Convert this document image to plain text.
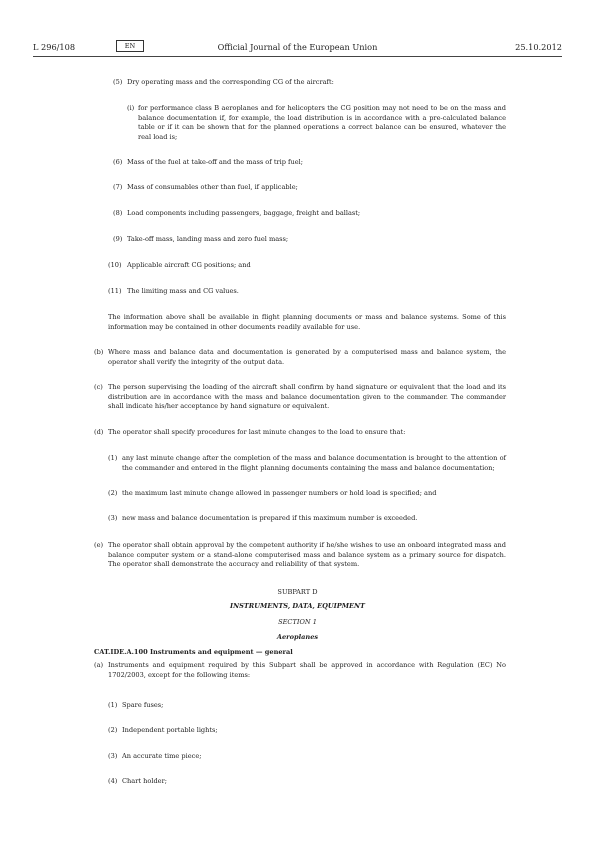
L 296/108	EN	Official Journal of the European Union	25.10.2012
(5) Dry operating mass and the corresponding CG of the aircraft:
(i) for performance class B aeroplanes and for helicopters the CG position may not need to be on the mass and balance documentation if, for example, the load distribution is in accordance with a pre-calculated balance table or if it can be shown that for the planned operations a correct balance can be ensured, whatever the real load is;
(6) Mass of the fuel at take-off and the mass of trip fuel;
(7) Mass of consumables other than fuel, if applicable;
(8) Load components including passengers, baggage, freight and ballast;
(9) Take-off mass, landing mass and zero fuel mass;
(10) Applicable aircraft CG positions; and
(11) The limiting mass and CG values.
The information above shall be available in flight planning documents or mass and balance systems. Some of this information may be contained in other documents readily available for use.
(b) Where mass and balance data and documentation is generated by a computerised mass and balance system, the operator shall verify the integrity of the output data.
(c) The person supervising the loading of the aircraft shall confirm by hand signature or equivalent that the load and its distribution are in accordance with the mass and balance documentation given to the commander. The commander shall indicate his/her acceptance by hand signature or equivalent.
(d) The operator shall specify procedures for last minute changes to the load to ensure that:
(1) any last minute change after the completion of the mass and balance documentation is brought to the attention of the commander and entered in the flight planning documents containing the mass and balance documentation;
(2) the maximum last minute change allowed in passenger numbers or hold load is specified; and
(3) new mass and balance documentation is prepared if this maximum number is exceeded.
(e) The operator shall obtain approval by the competent authority if he/she wishes to use an onboard integrated mass and balance computer system or a stand-alone computerised mass and balance system as a primary source for dispatch. The operator shall demonstrate the accuracy and reliability of that system.
SUBPART D
INSTRUMENTS, DATA, EQUIPMENT
SECTION 1
Aeroplanes
CAT.IDE.A.100 Instruments and equipment — general
(a) Instruments and equipment required by this Subpart shall be approved in accordance with Regulation (EC) No 1702/2003, except for the following items:
(1) Spare fuses;
(2) Independent portable lights;
(3) An accurate time piece;
(4) Chart holder;
